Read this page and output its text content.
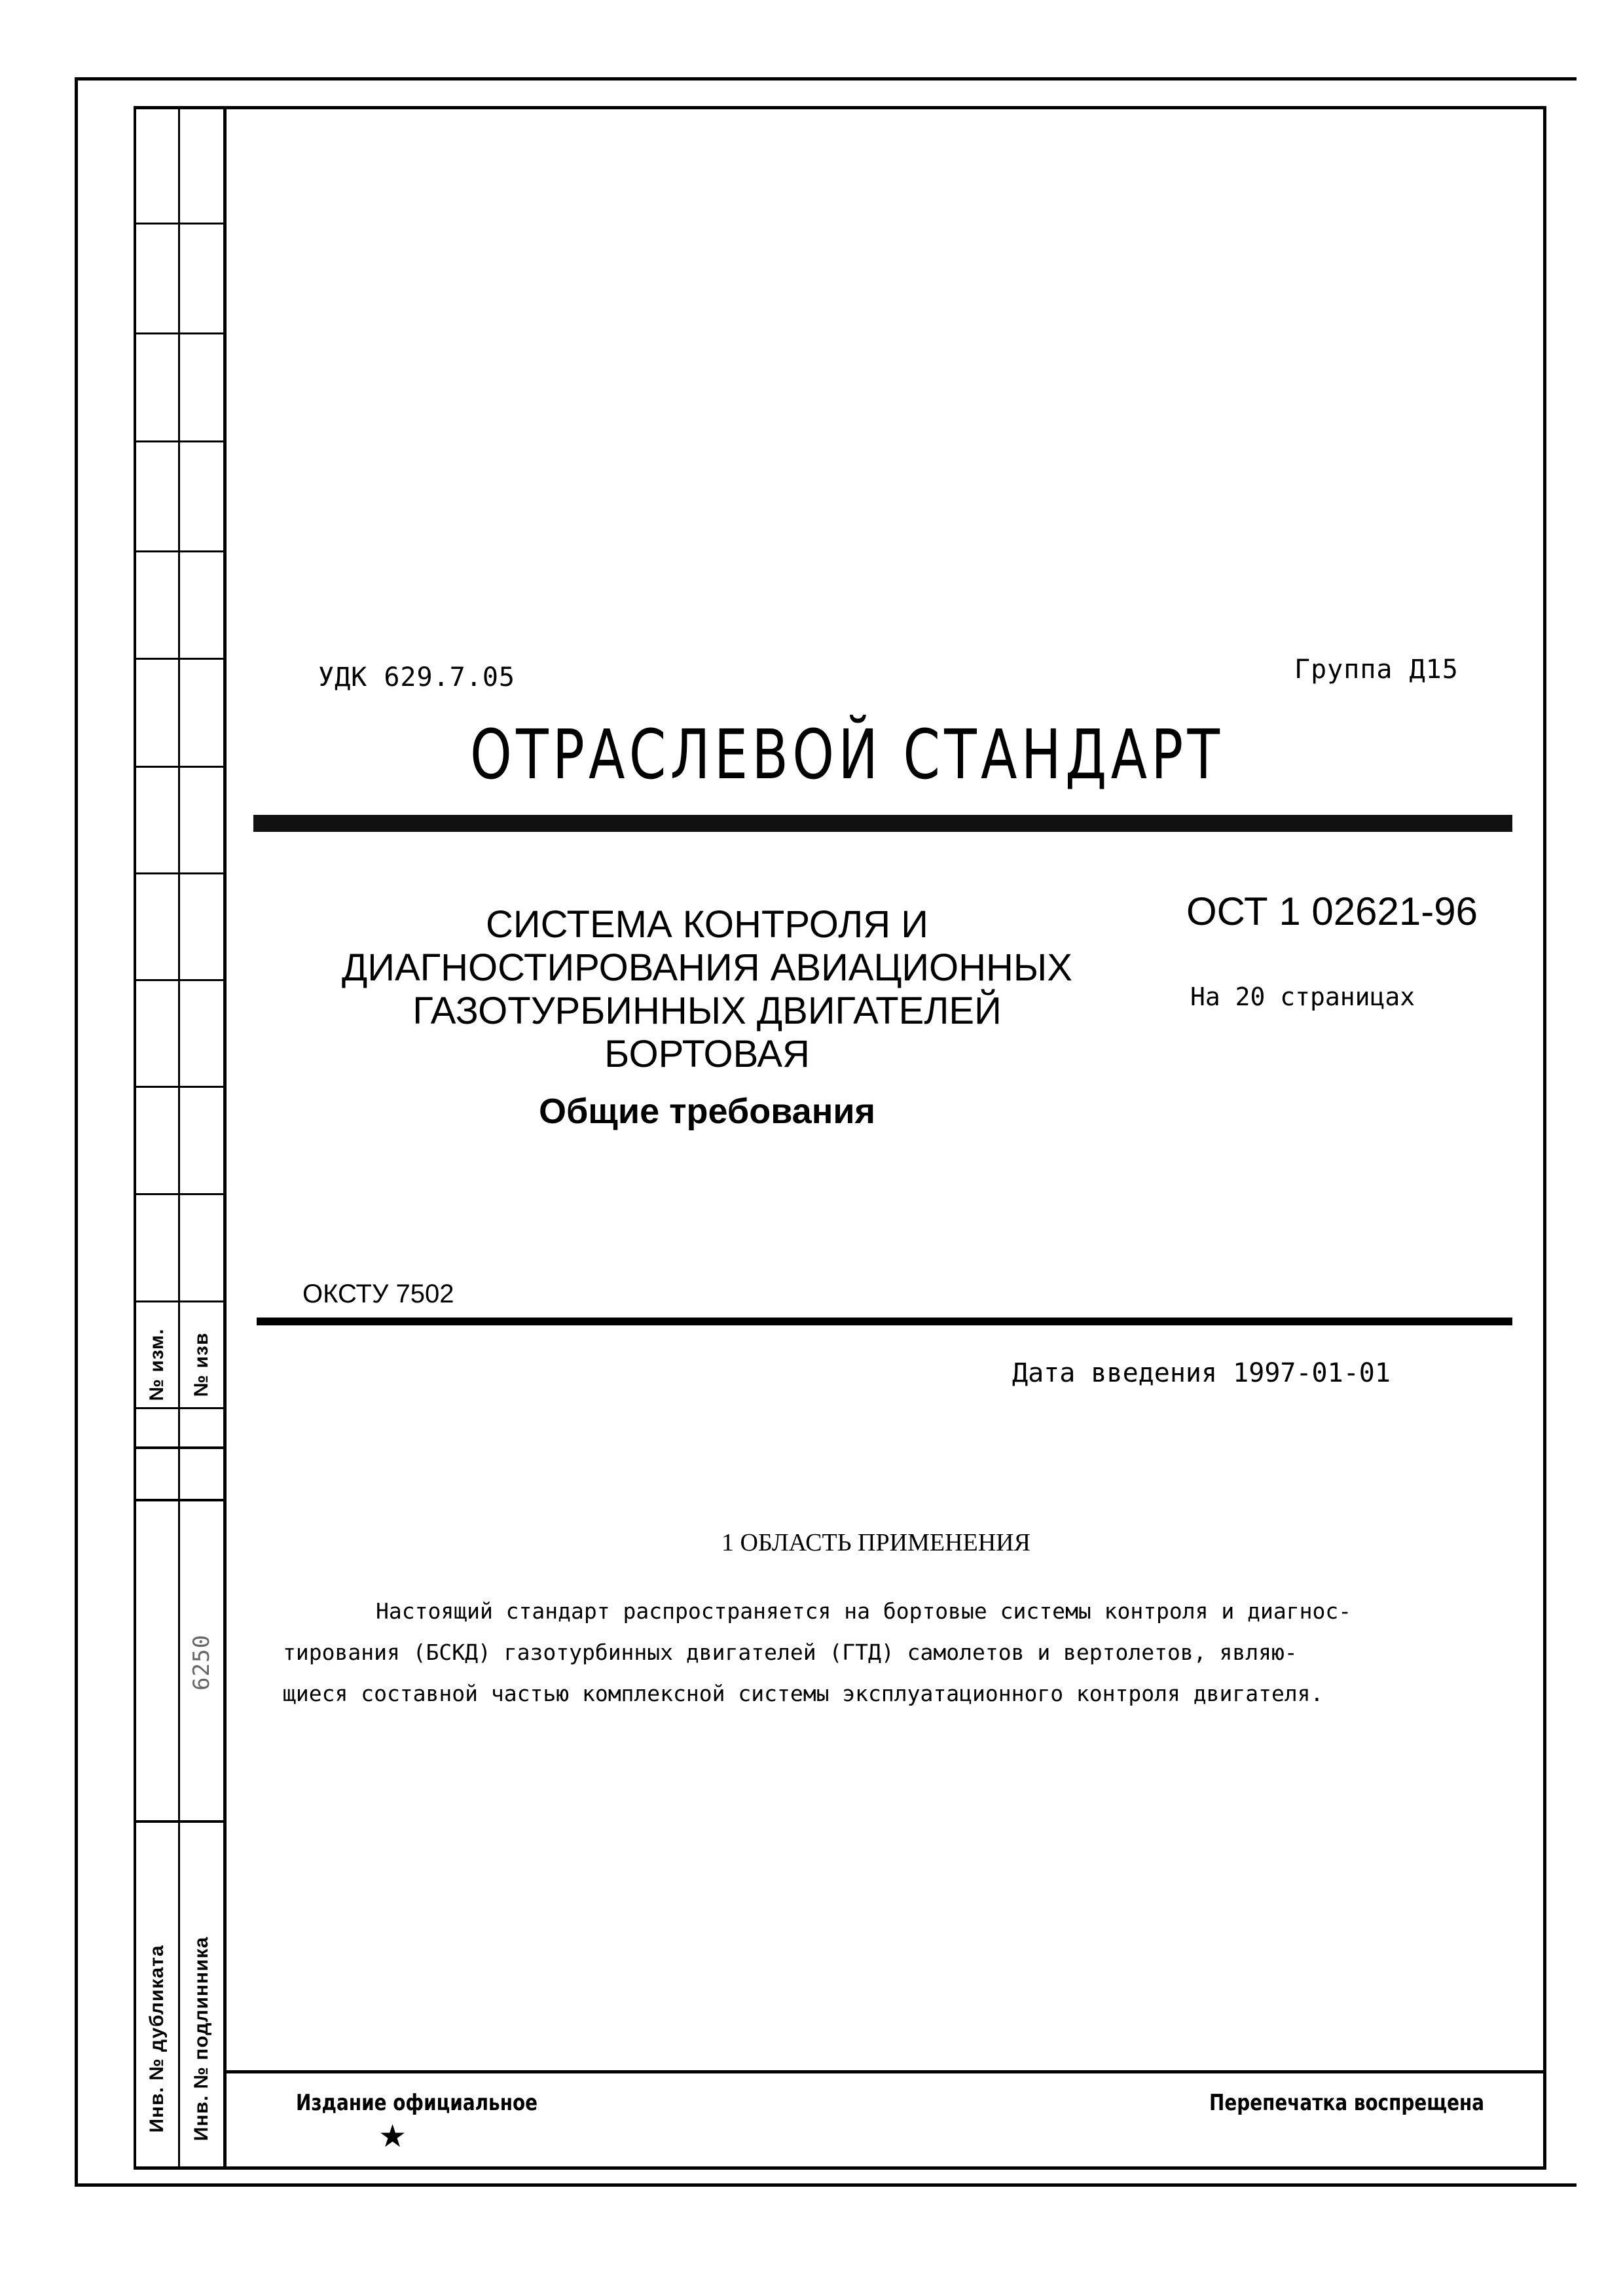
№ изм. № изв
6250
Инв. № дубликата Инв. № подлинника
УДК 629.7.05	Группа Д15
ОТРАСЛЕВОЙ СТАНДАРТ
СИСТЕМА КОНТРОЛЯ И
ДИАГНОСТИРОВАНИЯ АВИАЦИОННЫХ
ГАЗОТУРБИННЫХ ДВИГАТЕЛЕЙ
БОРТОВАЯ
Общие требования
ОСТ 1 02621-96
На 20 страницах
ОКСТУ 7502
Дата введения 1997-01-01
1 ОБЛАСТЬ ПРИМЕНЕНИЯ
Настоящий стандарт распространяется на бортовые системы контроля и диагнос-
тирования (БСКД) газотурбинных двигателей (ГТД) самолетов и вертолетов, являю-
щиеся составной частью комплексной системы эксплуатационного контроля двигателя.
Издание официальное
★
Перепечатка воспрещена
